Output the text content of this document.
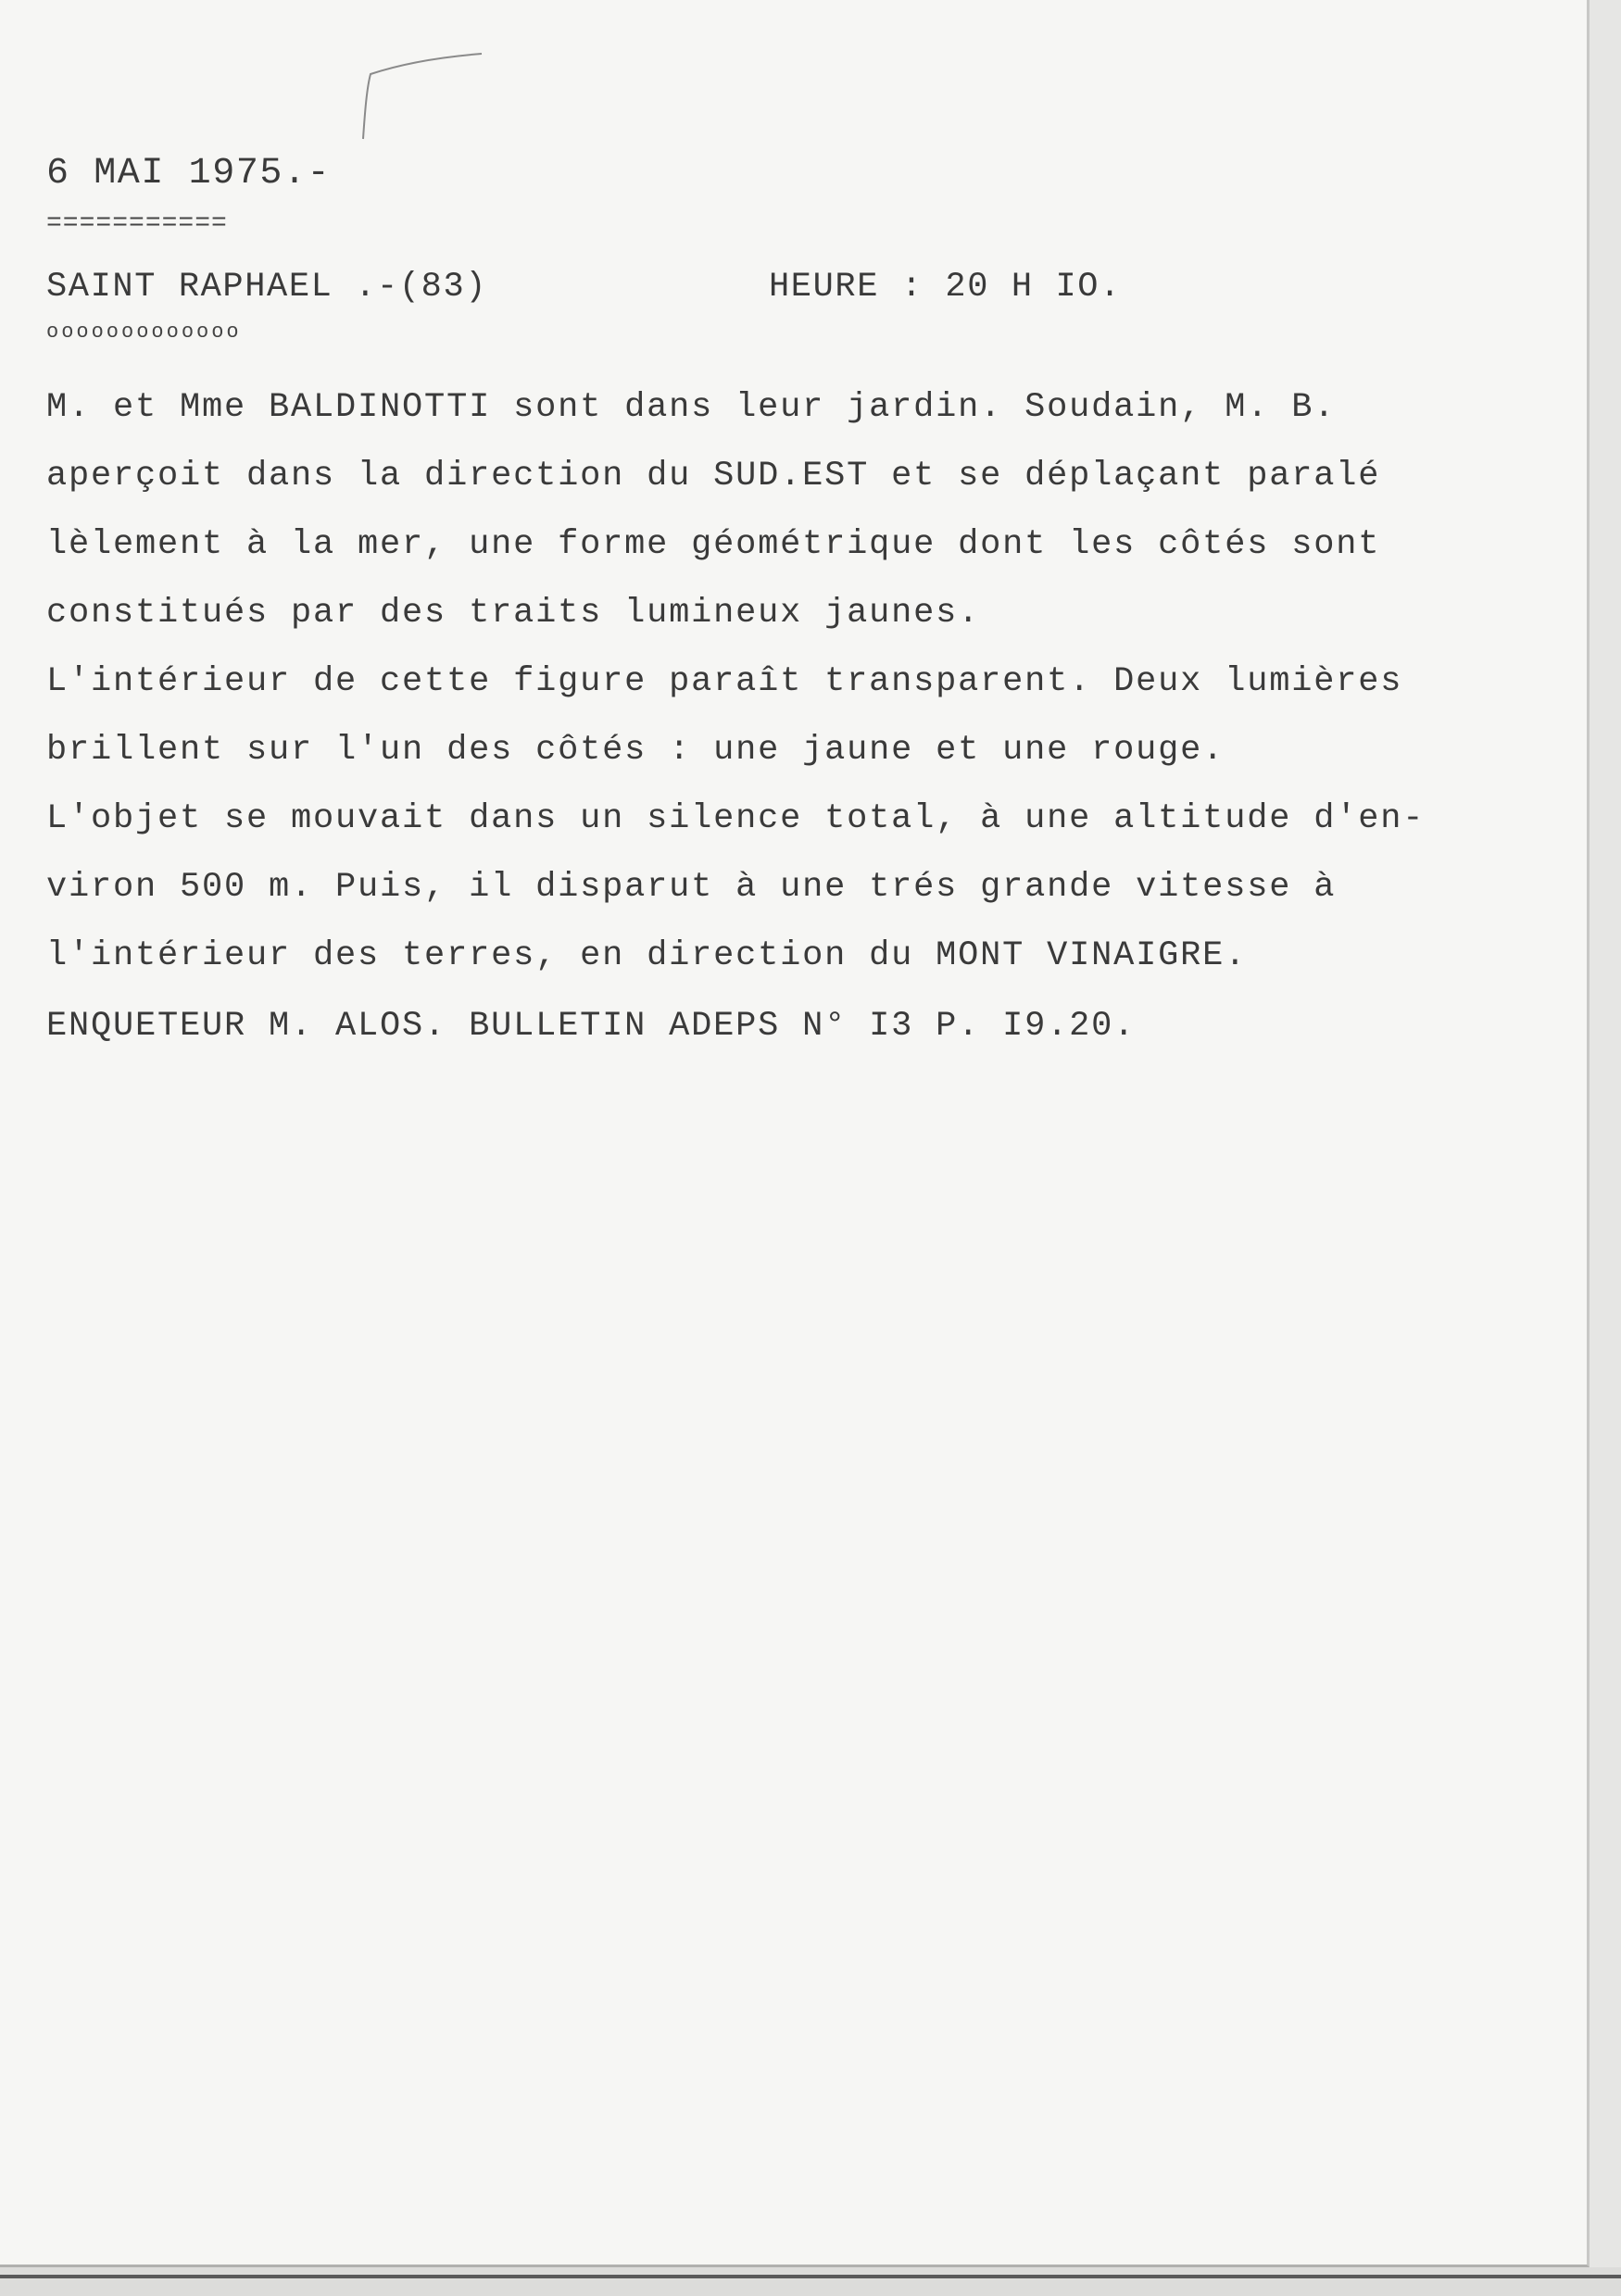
6 MAI 1975.-
===========
SAINT RAPHAEL .-(83)	HEURE : 20 H IO.
ooooooooooooo
M. et Mme BALDINOTTI sont dans leur jardin. Soudain, M. B.
aperçoit dans la direction du SUD.EST et se déplaçant paralé
lèlement à la mer, une forme géométrique dont les côtés sont
constitués par des traits lumineux jaunes.
L'intérieur de cette figure paraît transparent. Deux lumières
brillent sur l'un des côtés : une jaune et une rouge.
L'objet se mouvait dans un silence total, à une altitude d'en-
viron 500 m. Puis, il disparut à une trés grande vitesse à
l'intérieur des terres, en direction du MONT VINAIGRE.
ENQUETEUR M. ALOS. BULLETIN ADEPS N° I3 P. I9.20.
